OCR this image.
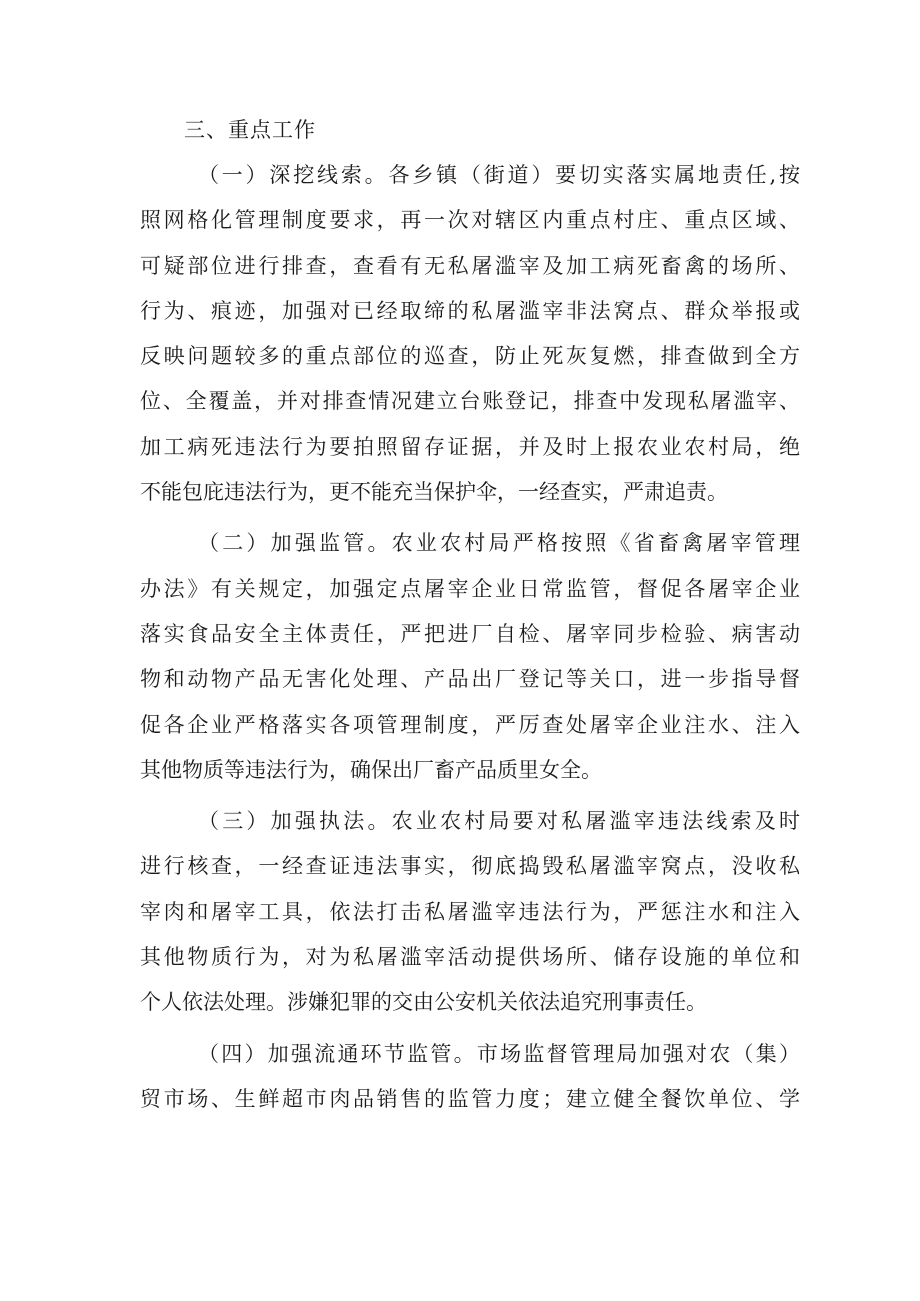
三、重点工作

（一）深挖线索。各乡镇（街道）要切实落实属地责任,按
照网格化管理制度要求，再一次对辖区内重点村庄、重点区域、
可疑部位进行排查，查看有无私屠滥宰及加工病死畜禽的场所、
行为、痕迹，加强对已经取缔的私屠滥宰非法窝点、群众举报或
反映问题较多的重点部位的巡查，防止死灰复燃，排查做到全方
位、全覆盖，并对排查情况建立台账登记，排查中发现私屠滥宰、
加工病死违法行为要拍照留存证据，并及时上报农业农村局，绝
不能包庇违法行为，更不能充当保护伞，一经查实，严肃追责。

（二）加强监管。农业农村局严格按照《省畜禽屠宰管理
办法》有关规定，加强定点屠宰企业日常监管，督促各屠宰企业
落实食品安全主体责任，严把进厂自检、屠宰同步检验、病害动
物和动物产品无害化处理、产品出厂登记等关口，进一步指导督
促各企业严格落实各项管理制度，严厉查处屠宰企业注水、注入
其他物质等违法行为，确保出厂畜产品质里女全。

（三）加强执法。农业农村局要对私屠滥宰违法线索及时
进行核查，一经查证违法事实，彻底捣毁私屠滥宰窝点，没收私
宰肉和屠宰工具，依法打击私屠滥宰违法行为，严惩注水和注入
其他物质行为，对为私屠滥宰活动提供场所、储存设施的单位和
个人依法处理。涉嫌犯罪的交由公安机关依法追究刑事责任。

（四）加强流通环节监管。市场监督管理局加强对农（集）
贸市场、生鲜超市肉品销售的监管力度；建立健全餐饮单位、学
